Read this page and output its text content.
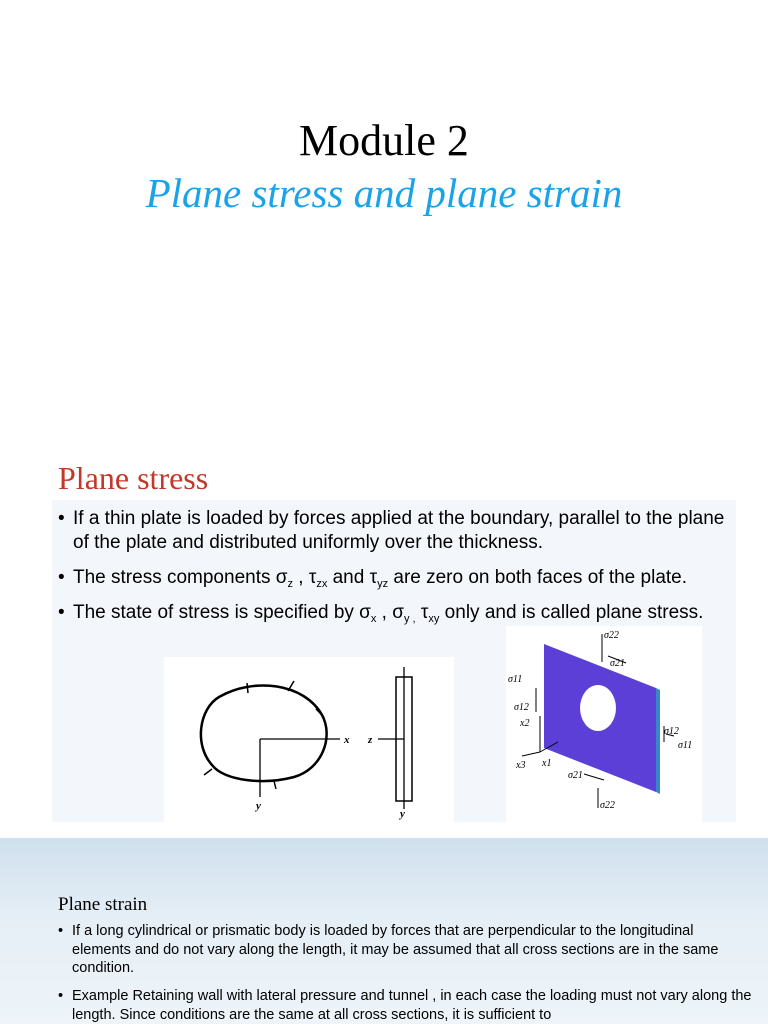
Module 2
Plane stress and plane strain
Plane stress
• If a thin plate is loaded by forces applied at the boundary, parallel to the plane of the plate and distributed uniformly over the thickness.
• The stress components $\sigma_z$ , $\tau_{zx}$ and $\tau_{yz}$ are zero on both faces of the plate.
• The state of stress is specified by $\sigma_x$ , $\sigma_{y ,}$ $\tau_{xy}$ only and is called plane stress.
x
y
z
y
σ22
σ21
σ11
σ12
x2
x3 x1
σ21
σ22
σ12
σ11
Plane strain
• If a long cylindrical or prismatic body is loaded by forces that are perpendicular to the longitudinal elements and do not vary along the length, it may be assumed that all cross sections are in the same condition.
• Example Retaining wall with lateral pressure and tunnel , in each case the loading must not vary along the length. Since conditions are the same at all cross sections, it is sufficient to
